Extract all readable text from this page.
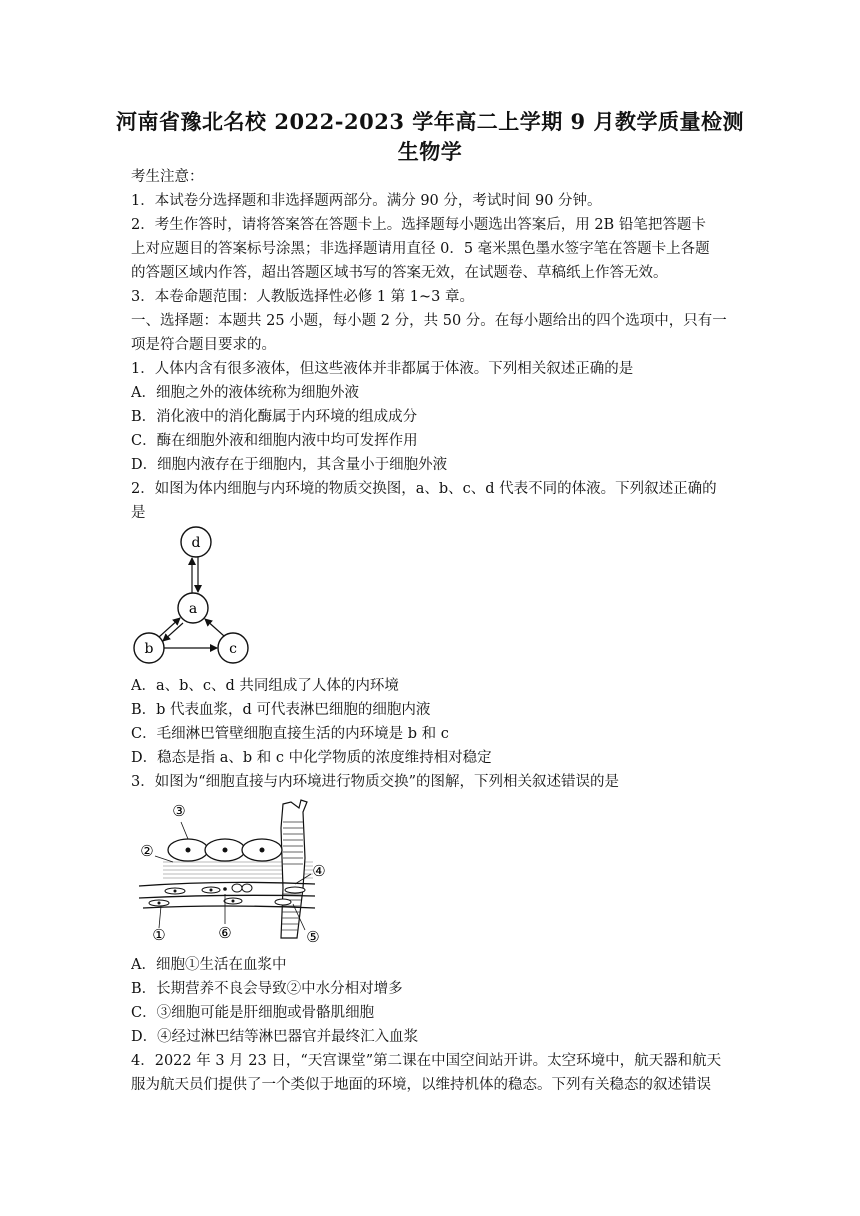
河南省豫北名校 2022-2023 学年高二上学期 9 月教学质量检测
生物学
考生注意：
1．本试卷分选择题和非选择题两部分。满分 90 分，考试时间 90 分钟。
2．考生作答时，请将答案答在答题卡上。选择题每小题选出答案后，用 2B 铅笔把答题卡
上对应题目的答案标号涂黑；非选择题请用直径 0．5 毫米黑色墨水签字笔在答题卡上各题
的答题区域内作答，超出答题区域书写的答案无效，在试题卷、草稿纸上作答无效。
3．本卷命题范围：人教版选择性必修 1 第 1~3 章。
一、选择题：本题共 25 小题，每小题 2 分，共 50 分。在每小题给出的四个选项中，只有一
项是符合题目要求的。
1．人体内含有很多液体，但这些液体并非都属于体液。下列相关叙述正确的是
A．细胞之外的液体统称为细胞外液
B．消化液中的消化酶属于内环境的组成成分
C．酶在细胞外液和细胞内液中均可发挥作用
D．细胞内液存在于细胞内，其含量小于细胞外液
2．如图为体内细胞与内环境的物质交换图，a、b、c、d 代表不同的体液。下列叙述正确的
是
d
a
b	c
A．a、b、c、d 共同组成了人体的内环境
B．b 代表血浆，d 可代表淋巴细胞的细胞内液
C．毛细淋巴管壁细胞直接生活的内环境是 b 和 c
D．稳态是指 a、b 和 c 中化学物质的浓度维持相对稳定
3．如图为“细胞直接与内环境进行物质交换”的图解，下列相关叙述错误的是
③
②
④
①	⑥	⑤
A．细胞①生活在血浆中
B．长期营养不良会导致②中水分相对增多
C．③细胞可能是肝细胞或骨骼肌细胞
D．④经过淋巴结等淋巴器官并最终汇入血浆
4．2022 年 3 月 23 日，“天宫课堂”第二课在中国空间站开讲。太空环境中，航天器和航天
服为航天员们提供了一个类似于地面的环境，以维持机体的稳态。下列有关稳态的叙述错误
